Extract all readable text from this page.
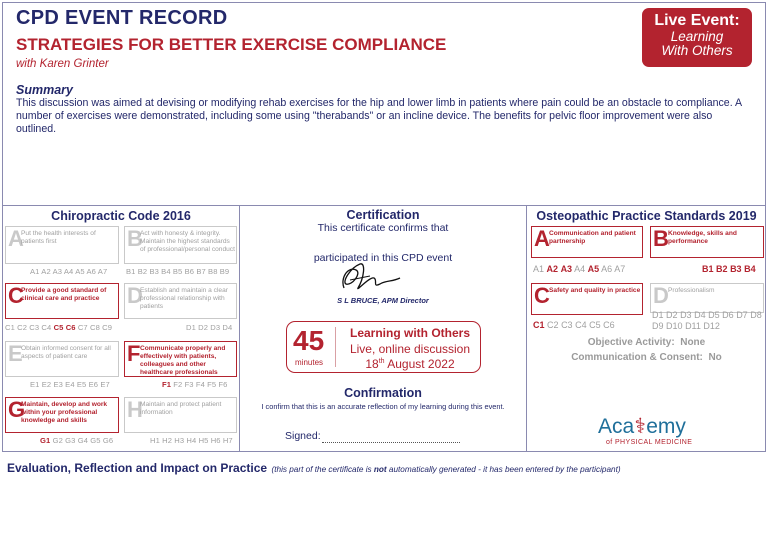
CPD EVENT RECORD
STRATEGIES FOR BETTER EXERCISE COMPLIANCE
with Karen Grinter
Live Event:
Learning
With Others
Summary
This discussion was aimed at devising or modifying rehab exercises for the hip and lower limb in patients where pain could be an obstacle to compliance. A number of exercises were demonstrated, including some using "therabands" or an incline device. The benefits for pelvic floor improvement were also outlined.
Chiropractic Code 2016
A
Put the health interests of patients first
A1 A2 A3 A4 A5 A6 A7
B
Act with honesty & integrity. Maintain the highest standards of professional/personal conduct
B1 B2 B3 B4 B5 B6 B7 B8 B9
C
Provide a good standard of clinical care and practice
C1 C2 C3 C4 C5 C6 C7 C8 C9
D
Establish and maintain a clear professional relationship with patients
D1 D2 D3 D4
E
Obtain informed consent for all aspects of patient care
E1 E2 E3 E4 E5 E6 E7
F Communicate properly and effectively with patients, colleagues and other healthcare professionals
F1 F2 F3 F4 F5 F6
G
Maintain, develop and work within your professional knowledge and skills
G1 G2 G3 G4 G5 G6
H
Maintain and protect patient information
H1 H2 H3 H4 H5 H6 H7
Certification
This certificate confirms that
participated in this CPD event
S L BRUCE, APM Director
45
minutes
Learning with Others
Live, online discussion
18th August 2022
Confirmation
I confirm that this is an accurate reflection of my learning during this event.
Signed:
Osteopathic Practice Standards 2019
A Communication and patient partnership
A1 A2 A3 A4 A5 A6 A7
B Knowledge, skills and performance
B1 B2 B3 B4
C Safety and quality in practice
C1 C2 C3 C4 C5 C6
D Professionalism
D1 D2 D3 D4 D5 D6 D7 D8 D9 D10 D11 D12
Objective Activity: None
Communication & Consent: No
Aca⚕emy
of PHYSICAL MEDICINE
Evaluation, Reflection and Impact on Practice (this part of the certificate is not automatically generated - it has been entered by the participant)
